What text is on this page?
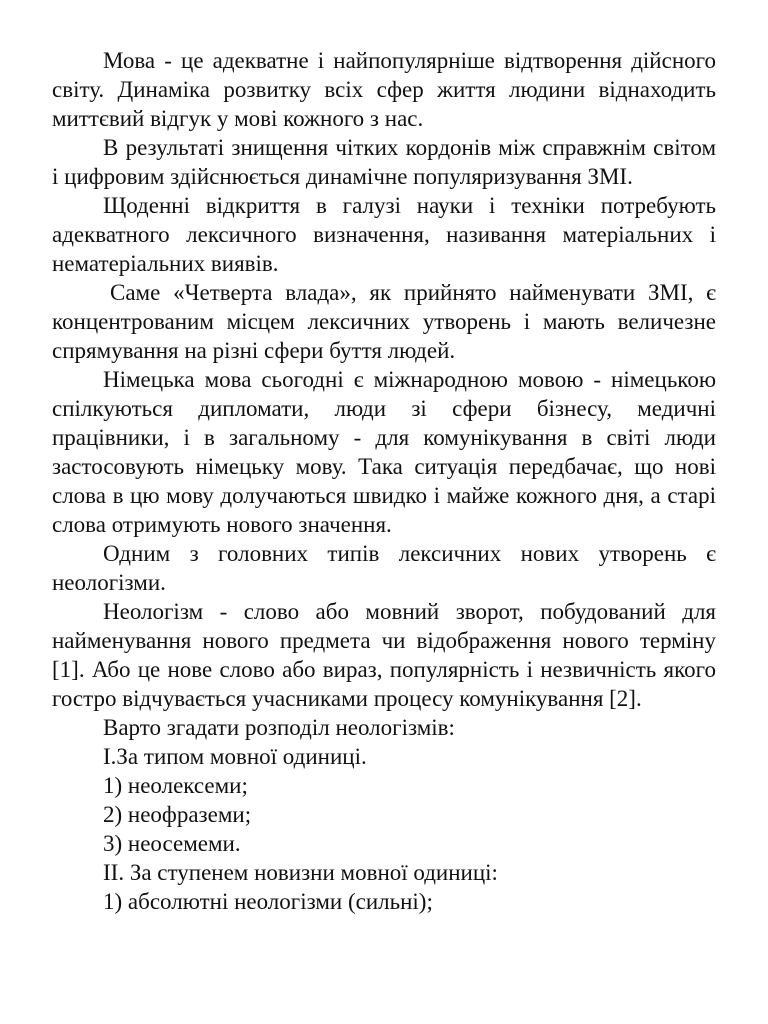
Мова - це адекватне і найпопулярніше відтворення дійсного світу. Динаміка розвитку всіх сфер життя людини віднаходить миттєвий відгук у мові кожного з нас.

В результаті знищення чітких кордонів між справжнім світом і цифровим здійснюється динамічне популяризування ЗМІ.

Щоденні відкриття в галузі науки і техніки потребують адекватного лексичного визначення, називання матеріальних і нематеріальних виявів.

Саме «Четверта влада», як прийнято найменувати ЗМІ, є концентрованим місцем лексичних утворень і мають величезне спрямування на різні сфери буття людей.

Німецька мова сьогодні є міжнародною мовою - німецькою спілкуються дипломати, люди зі сфери бізнесу, медичні працівники, і в загальному - для комунікування в світі люди застосовують німецьку мову. Така ситуація передбачає, що нові слова в цю мову долучаються швидко і майже кожного дня, а старі слова отримують нового значення.

Одним з головних типів лексичних нових утворень є неологізми.

Неологізм - слово або мовний зворот, побудований для найменування нового предмета чи відображення нового терміну [1]. Або це нове слово або вираз, популярність і незвичність якого гостро відчувається учасниками процесу комунікування [2].

Варто згадати розподіл неологізмів:

I.За типом мовної одиниці.

1) неолексеми;

2) неофраземи;

3) неосемеми.

II. За ступенем новизни мовної одиниці:

1) абсолютні неологізми (сильні);
